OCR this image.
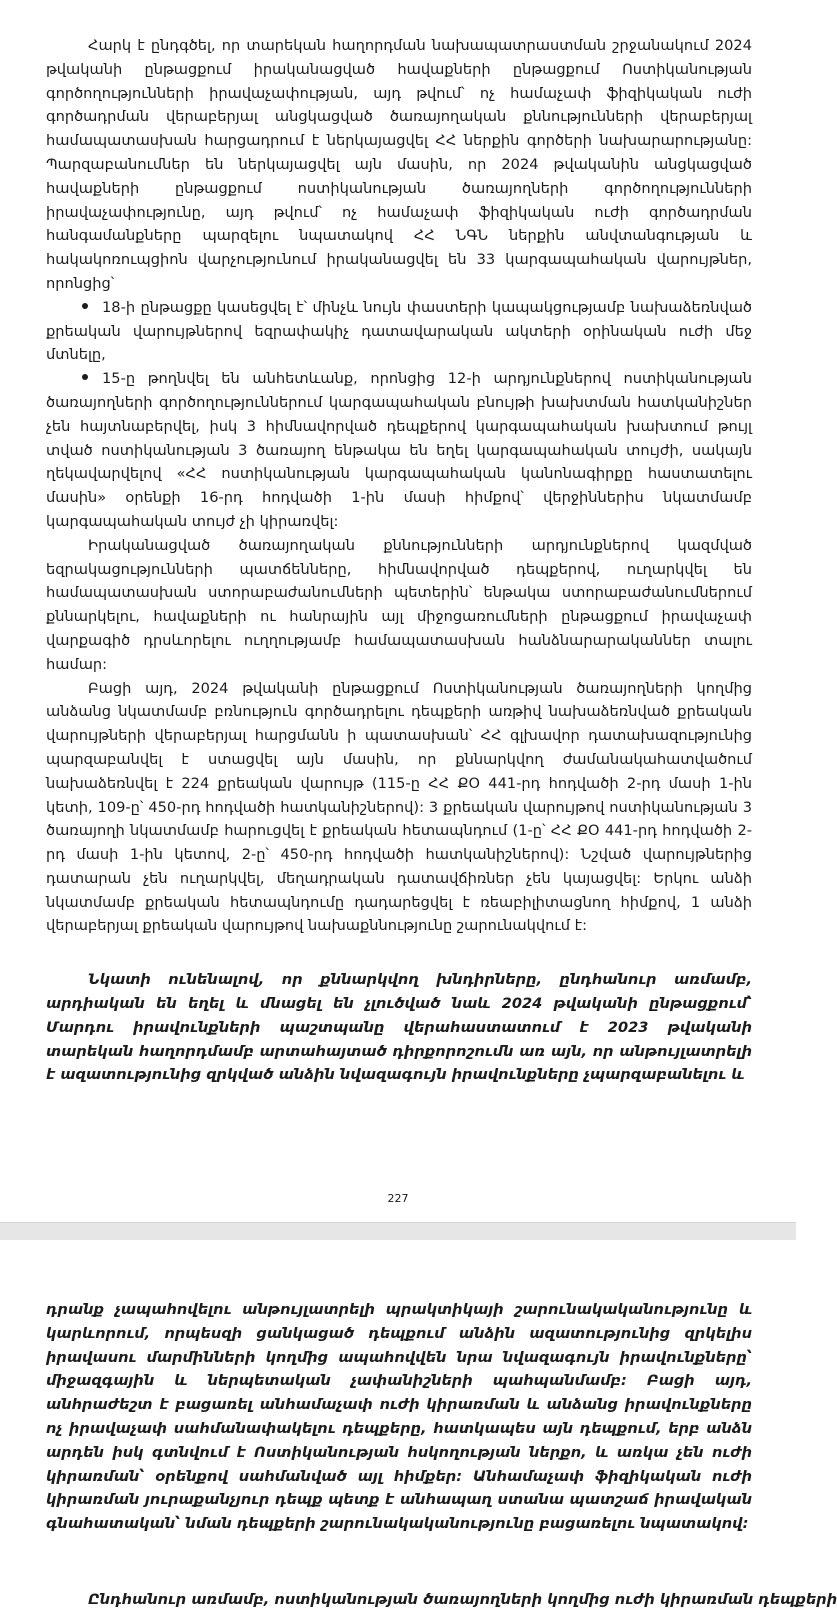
Հարկ է ընդգծել, որ տարեկան հաղորդման նախապատրաստման շրջանակում 2024 թվականի ընթացքում իրականացված հավաքների ընթացքում Ոստիկանության գործողությունների իրավաչափության, այդ թվում՝ ոչ համաչափ ֆիզիկական ուժի գործադրման վերաբերյալ անցկացված ծառայողական քննությունների վերաբերյալ համապատասխան հարցադրում է ներկայացվել ՀՀ ներքին գործերի նախարարությանը: Պարզաբանումներ են ներկայացվել այն մասին, որ 2024 թվականին անցկացված հավաքների ընթացքում ոստիկանության ծառայողների գործողությունների իրավաչափությունը, այդ թվում՝ ոչ համաչափ ֆիզիկական ուժի գործադրման հանգամանքները պարզելու նպատակով ՀՀ ՆԳՆ ներքին անվտանգության և հակակոռուպցիոն վարչությունում իրականացվել են 33 կարգապահական վարույթներ, որոնցից՝

18-ի ընթացքը կասեցվել է՝ մինչև նույն փաստերի կապակցությամբ նախաձեռնված քրեական վարույթներով եզրափակիչ դատավարական ակտերի օրինական ուժի մեջ մտնելը,
15-ը թողնվել են անհետևանք, որոնցից 12-ի արդյունքներով ոստիկանության ծառայողների գործողություններում կարգապահական բնույթի խախտման հատկանիշներ չեն հայտնաբերվել, իսկ 3 հիմնավորված դեպքերով կարգապահական խախտում թույլ տված ոստիկանության 3 ծառայող ենթակա են եղել կարգապահական տույժի, սակայն ղեկավարվելով «ՀՀ ոստիկանության կարգապահական կանոնագիրքը հաստատելու մասին» օրենքի 16-րդ հոդվածի 1-ին մասի հիմքով՝ վերջիններիս նկատմամբ կարգապահական տույժ չի կիրառվել:

Իրականացված ծառայողական քննությունների արդյունքներով կազմված եզրակացությունների պատճենները, հիմնավորված դեպքերով, ուղարկվել են համապատասխան ստորաբաժանումների պետերին՝ ենթակա ստորաբաժանումներում քննարկելու, հավաքների ու հանրային այլ միջոցառումների ընթացքում իրավաչափ վարքագիծ դրսևորելու ուղղությամբ համապատասխան հանձնարարականներ տալու համար:

Բացի այդ, 2024 թվականի ընթացքում Ոստիկանության ծառայողների կողմից անձանց նկատմամբ բռնություն գործադրելու դեպքերի առթիվ նախաձեռնված քրեական վարույթների վերաբերյալ հարցմանն ի պատասխան՝ ՀՀ գլխավոր դատախազությունից պարզաբանվել է ստացվել այն մասին, որ քննարկվող ժամանակահատվածում նախաձեռնվել է 224 քրեական վարույթ (115-ը ՀՀ ՔՕ 441-րդ հոդվածի 2-րդ մասի 1-ին կետի, 109-ը՝ 450-րդ հոդվածի հատկանիշներով): 3 քրեական վարույթով ոստիկանության 3 ծառայողի նկատմամբ հարուցվել է քրեական հետապնդում (1-ը՝ ՀՀ ՔՕ 441-րդ հոդվածի 2-րդ մասի 1-ին կետով, 2-ը՝ 450-րդ հոդվածի հատկանիշներով): Նշված վարույթներից դատարան չեն ուղարկվել, մեղադրական դատավճիռներ չեն կայացվել: Երկու անձի նկատմամբ քրեական հետապնդումը դադարեցվել է ռեաբիլիտացնող հիմքով, 1 անձի վերաբերյալ քրեական վարույթով նախաքննությունը շարունակվում է:

Նկատի ունենալով, որ քննարկվող խնդիրները, ընդհանուր առմամբ, արդիական են եղել և մնացել են չլուծված նաև 2024 թվականի ընթացքում՝ Մարդու իրավունքների պաշտպանը վերահաստատում է 2023 թվականի տարեկան հաղորդմամբ արտահայտած դիրքորոշումն առ այն, որ անթույլատրելի է ազատությունից զրկված անձին նվազագույն իրավունքները չպարզաբանելու և

227

դրանք չապահովելու անթույլատրելի պրակտիկայի շարունակականությունը և կարևորում, որպեսզի ցանկացած դեպքում անձին ազատությունից զրկելիս իրավասու մարմինների կողմից ապահովվեն նրա նվազագույն իրավունքները՝ միջազգային և ներպետական չափանիշների պահպանմամբ: Բացի այդ, անհրաժեշտ է բացառել անհամաչափ ուժի կիրառման և անձանց իրավունքները ոչ իրավաչափ սահմանափակելու դեպքերը, հատկապես այն դեպքում, երբ անձն արդեն իսկ գտնվում է Ոստիկանության հսկողության ներքո, և առկա չեն ուժի կիրառման՝ օրենքով սահմանված այլ հիմքեր: Անհամաչափ ֆիզիկական ուժի կիրառման յուրաքանչյուր դեպք պետք է անհապաղ ստանա պատշաճ իրավական գնահատական՝ նման դեպքերի շարունակականությունը բացառելու նպատակով:

Ընդհանուր առմամբ, ոստիկանության ծառայողների կողմից ուժի կիրառման դեպքերի
